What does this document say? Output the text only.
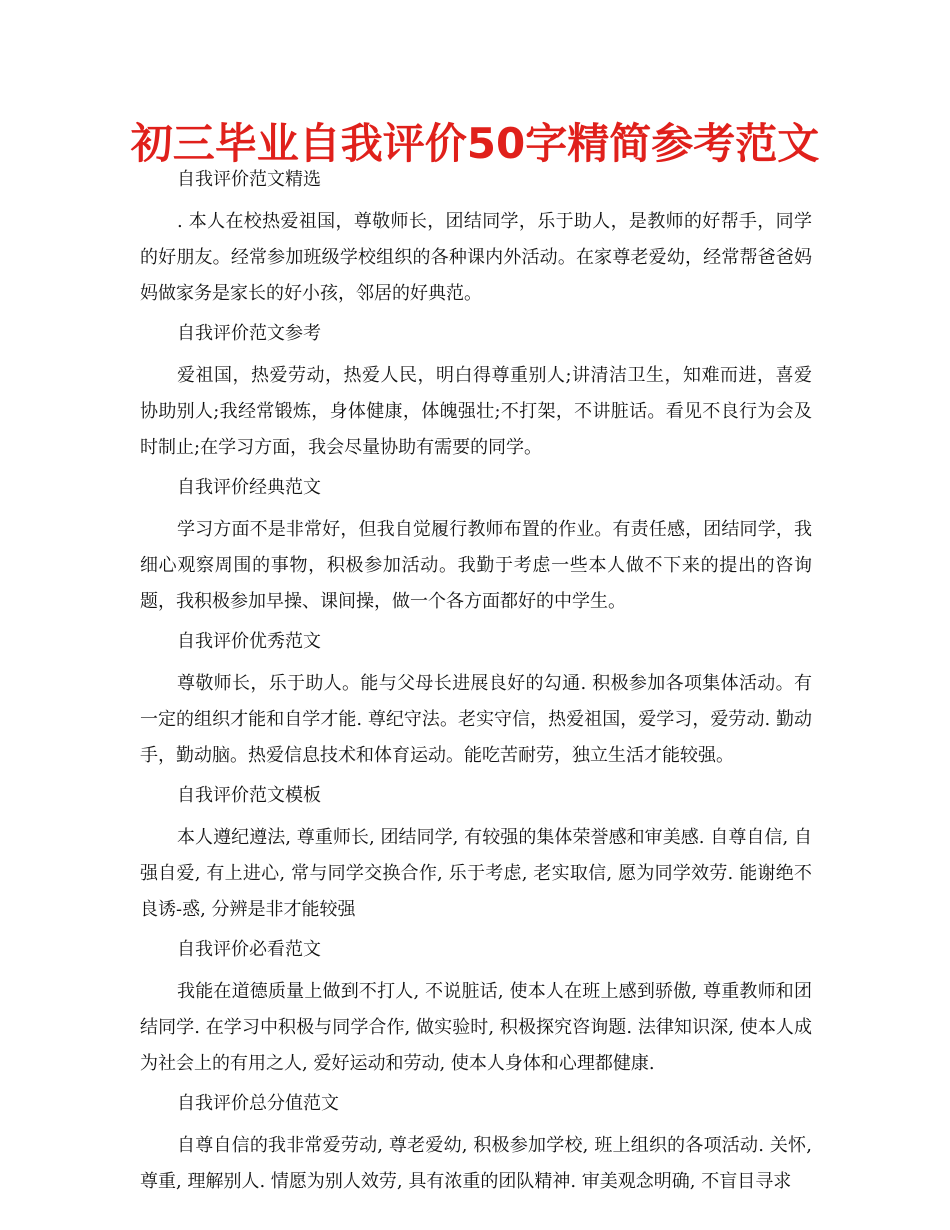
初三毕业自我评价50字精简参考范文
自我评价范文精选
. 本人在校热爱祖国，尊敬师长，团结同学，乐于助人，是教师的好帮手，同学的好朋友。经常参加班级学校组织的各种课内外活动。在家尊老爱幼，经常帮爸爸妈妈做家务是家长的好小孩，邻居的好典范。
自我评价范文参考
爱祖国，热爱劳动，热爱人民，明白得尊重别人;讲清洁卫生，知难而进，喜爱协助别人;我经常锻炼，身体健康，体魄强壮;不打架，不讲脏话。看见不良行为会及时制止;在学习方面，我会尽量协助有需要的同学。
自我评价经典范文
学习方面不是非常好，但我自觉履行教师布置的作业。有责任感，团结同学，我细心观察周围的事物，积极参加活动。我勤于考虑一些本人做不下来的提出的咨询题，我积极参加早操、课间操，做一个各方面都好的中学生。
自我评价优秀范文
尊敬师长，乐于助人。能与父母长进展良好的勾通. 积极参加各项集体活动。有一定的组织才能和自学才能. 尊纪守法。老实守信，热爱祖国，爱学习，爱劳动. 勤动手，勤动脑。热爱信息技术和体育运动。能吃苦耐劳，独立生活才能较强。
自我评价范文模板
本人遵纪遵法, 尊重师长, 团结同学, 有较强的集体荣誉感和审美感. 自尊自信, 自强自爱, 有上进心, 常与同学交换合作, 乐于考虑, 老实取信, 愿为同学效劳. 能谢绝不良诱-惑, 分辨是非才能较强
自我评价必看范文
我能在道德质量上做到不打人, 不说脏话, 使本人在班上感到骄傲, 尊重教师和团结同学. 在学习中积极与同学合作, 做实验时, 积极探究咨询题. 法律知识深, 使本人成为社会上的有用之人, 爱好运动和劳动, 使本人身体和心理都健康.
自我评价总分值范文
自尊自信的我非常爱劳动, 尊老爱幼, 积极参加学校, 班上组织的各项活动. 关怀, 尊重, 理解别人. 情愿为别人效劳, 具有浓重的团队精神. 审美观念明确, 不盲目寻求
